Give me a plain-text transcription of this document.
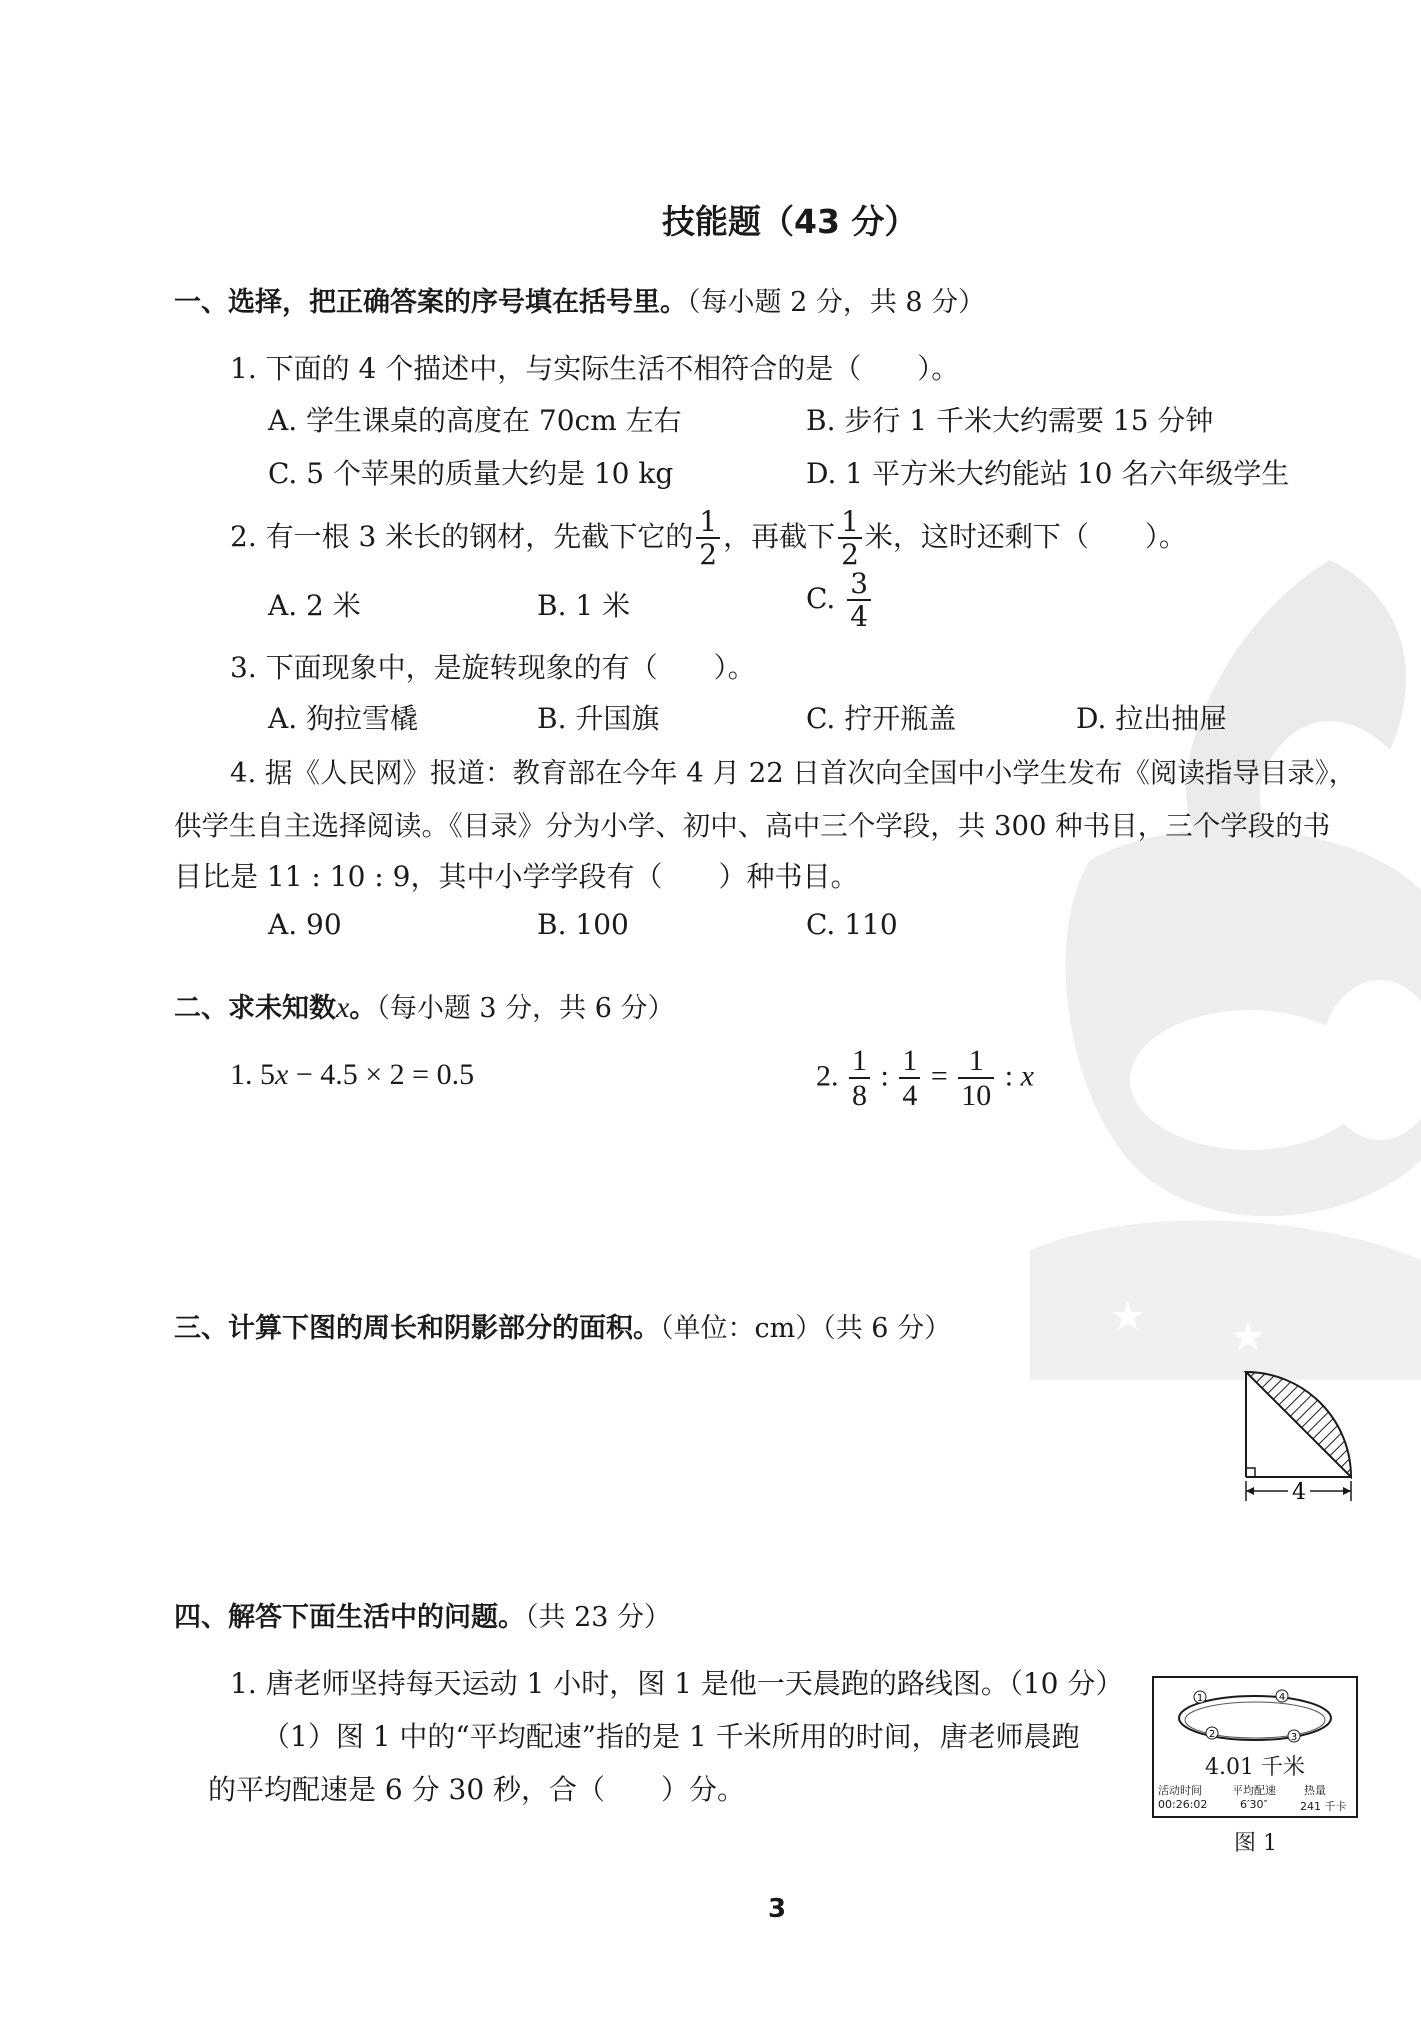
★ ★
技能题（43 分）
一、选择，把正确答案的序号填在括号里。（每小题 2 分，共 8 分）
1. 下面的 4 个描述中，与实际生活不相符合的是（　　）。
A. 学生课桌的高度在 70cm 左右	B. 步行 1 千米大约需要 15 分钟
C. 5 个苹果的质量大约是 10 kg	D. 1 平方米大约能站 10 名六年级学生
2. 有一根 3 米长的钢材，先截下它的 $\frac{1}{2}$ ，再截下 $\frac{1}{2}$ 米，这时还剩下（　　）。
A. 2 米	B. 1 米	C. $\frac{3}{4}$
3. 下面现象中，是旋转现象的有（　　）。
A. 狗拉雪橇	B. 升国旗	C. 拧开瓶盖	D. 拉出抽屉
4. 据《人民网》报道：教育部在今年 4 月 22 日首次向全国中小学生发布《阅读指导目录》，
供学生自主选择阅读。《目录》分为小学、初中、高中三个学段，共 300 种书目，三个学段的书
目比是 11 : 10 : 9，其中小学学段有（　　）种书目。
A. 90	B. 100	C. 110
二、求未知数x。（每小题 3 分，共 6 分）
1. 5x − 4.5 × 2 = 0.5	2. $\frac{1}{8}$ : $\frac{1}{4} = \frac{1}{10}$ : x
三、计算下图的周长和阴影部分的面积。（单位：cm）（共 6 分）
4
四、解答下面生活中的问题。（共 23 分）
1. 唐老师坚持每天运动 1 小时，图 1 是他一天晨跑的路线图。（10 分）
（1）图 1 中的“平均配速”指的是 1 千米所用的时间，唐老师晨跑
的平均配速是 6 分 30 秒，合（　　）分。
1
2	3
4
4.01 千米
活动时间	平均配速	热量
00:26:02	6′30″	241 千卡
图 1
3
